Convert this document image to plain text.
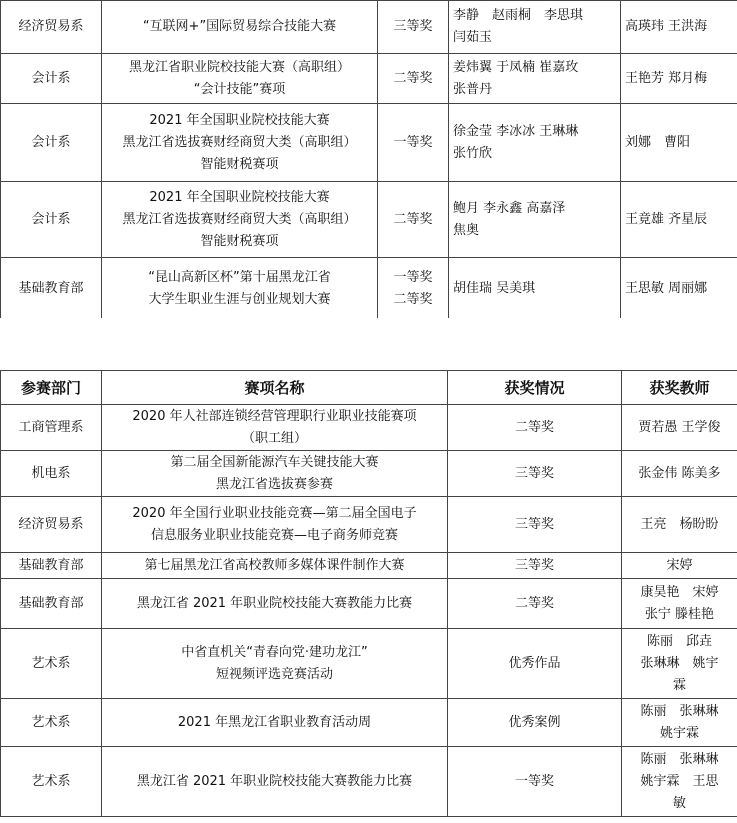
经济贸易系	“互联网+”国际贸易综合技能大赛	三等奖	李静　赵雨桐　李思琪
闫茹玉	高瑛玮 王洪海

会计系	黑龙江省职业院校技能大赛（高职组）
“会计技能”赛项	二等奖	姜炜翼 于凤楠 崔嘉玫
张普丹	王艳芳 郑月梅

会计系	2021 年全国职业院校技能大赛
黑龙江省选拔赛财经商贸大类（高职组）
智能财税赛项	一等奖	徐金莹 李冰冰 王琳琳
张竹欣	刘娜　曹阳

会计系	2021 年全国职业院校技能大赛
黑龙江省选拔赛财经商贸大类（高职组）
智能财税赛项	二等奖	鲍月 李永鑫 高嘉泽
焦奥	王竟雄 齐星辰

基础教育部	“昆山高新区杯”第十届黑龙江省
大学生职业生涯与创业规划大赛	一等奖
二等奖	胡佳瑞 吴美琪	王思敏 周丽娜
参赛部门	赛项名称	获奖情况	获奖教师
工商管理系	2020 年人社部连锁经营管理职行业职业技能赛项
（职工组）	二等奖	贾若愚 王学俊

机电系	第二届全国新能源汽车关键技能大赛
黑龙江省选拔赛参赛	三等奖	张金伟 陈美多

经济贸易系	2020 年全国行业职业技能竞赛—第二届全国电子
信息服务业职业技能竞赛—电子商务师竞赛	三等奖	王亮　杨盼盼

基础教育部	第七届黑龙江省高校教师多媒体课件制作大赛	三等奖	宋婷

基础教育部	黑龙江省 2021 年职业院校技能大赛教能力比赛	二等奖	康昊艳　宋婷
张宁 滕桂艳

艺术系	中省直机关“青春向党·建功龙江”
短视频评选竞赛活动	优秀作品	陈丽　邱垚
张琳琳　姚宇
霖

艺术系	2021 年黑龙江省职业教育活动周	优秀案例	陈丽　张琳琳
姚宇霖

艺术系	黑龙江省 2021 年职业院校技能大赛教能力比赛	一等奖	陈丽　张琳琳
姚宇霖　王思
敏
